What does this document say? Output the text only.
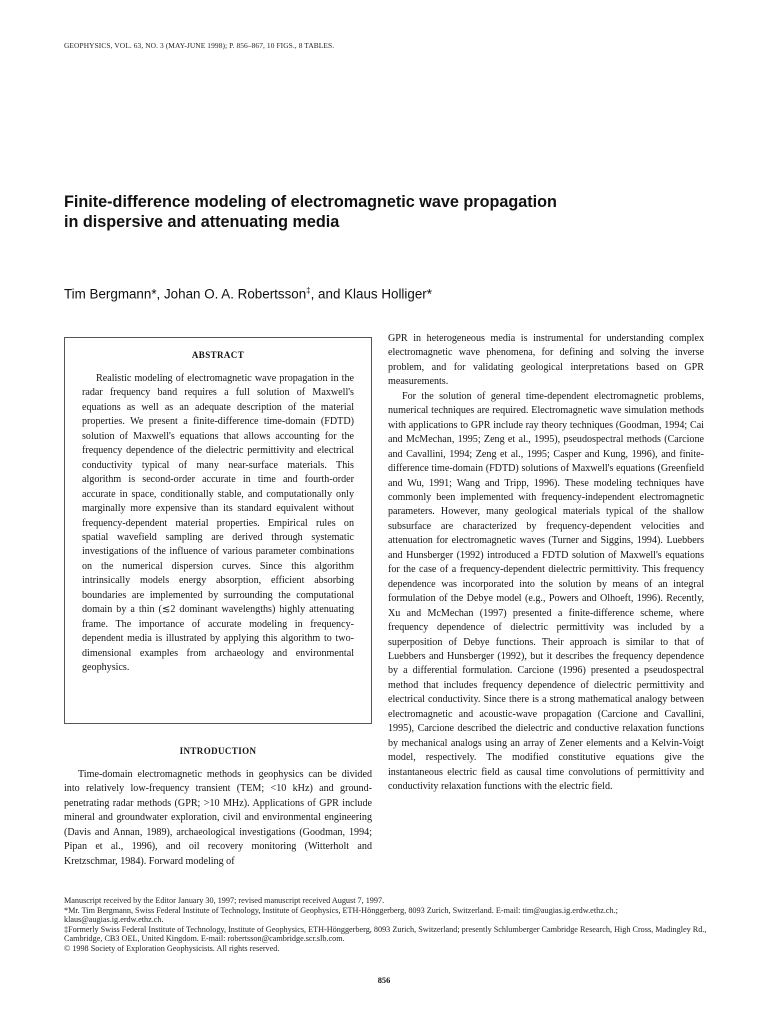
GEOPHYSICS, VOL. 63, NO. 3 (MAY-JUNE 1998); P. 856–867, 10 FIGS., 8 TABLES.
Finite-difference modeling of electromagnetic wave propagation
in dispersive and attenuating media
Tim Bergmann*, Johan O. A. Robertsson‡, and Klaus Holliger*
ABSTRACT

Realistic modeling of electromagnetic wave propagation in the radar frequency band requires a full solution of Maxwell's equations as well as an adequate description of the material properties. We present a finite-difference time-domain (FDTD) solution of Maxwell's equations that allows accounting for the frequency dependence of the dielectric permittivity and electrical conductivity typical of many near-surface materials. This algorithm is second-order accurate in time and fourth-order accurate in space, conditionally stable, and computationally only marginally more expensive than its standard equivalent without frequency-dependent material properties. Empirical rules on spatial wavefield sampling are derived through systematic investigations of the influence of various parameter combinations on the numerical dispersion curves. Since this algorithm intrinsically models energy absorption, efficient absorbing boundaries are implemented by surrounding the computational domain by a thin (≲2 dominant wavelengths) highly attenuating frame. The importance of accurate modeling in frequency-dependent media is illustrated by applying this algorithm to two-dimensional examples from archaeology and environmental geophysics.

INTRODUCTION

Time-domain electromagnetic methods in geophysics can be divided into relatively low-frequency transient (TEM; <10 kHz) and ground-penetrating radar methods (GPR; >10 MHz). Applications of GPR include mineral and groundwater exploration, civil and environmental engineering (Davis and Annan, 1989), archaeological investigations (Goodman, 1994; Pipan et al., 1996), and oil recovery monitoring (Witterholt and Kretzschmar, 1984). Forward modeling of

GPR in heterogeneous media is instrumental for understanding complex electromagnetic wave phenomena, for defining and solving the inverse problem, and for validating geological interpretations based on GPR measurements.

For the solution of general time-dependent electromagnetic problems, numerical techniques are required. Electromagnetic wave simulation methods with applications to GPR include ray theory techniques (Goodman, 1994; Cai and McMechan, 1995; Zeng et al., 1995), pseudospectral methods (Carcione and Cavallini, 1994; Zeng et al., 1995; Casper and Kung, 1996), and finite-difference time-domain (FDTD) solutions of Maxwell's equations (Greenfield and Wu, 1991; Wang and Tripp, 1996). These modeling techniques have commonly been implemented with frequency-independent electromagnetic parameters. However, many geological materials typical of the shallow subsurface are characterized by frequency-dependent velocities and attenuation for electromagnetic waves (Turner and Siggins, 1994). Luebbers and Hunsberger (1992) introduced a FDTD solution of Maxwell's equations for the case of a frequency-dependent dielectric permittivity. This frequency dependence was incorporated into the solution by means of an integral formulation of the Debye model (e.g., Powers and Olhoeft, 1996). Recently, Xu and McMechan (1997) presented a finite-difference scheme, where frequency dependence of dielectric permittivity was included by a superposition of Debye functions. Their approach is similar to that of Luebbers and Hunsberger (1992), but it describes the frequency dependence by a differential formulation. Carcione (1996) presented a pseudospectral method that includes frequency dependence of dielectric permittivity and electrical conductivity. Since there is a strong mathematical analogy between electromagnetic and acoustic-wave propagation (Carcione and Cavallini, 1995), Carcione described the dielectric and conductive relaxation functions by mechanical analogs using an array of Zener elements and a Kelvin-Voigt model, respectively. The modified constitutive equations give the instantaneous electric field as causal time convolutions of permittivity and conductivity relaxation functions with the electric field.

Manuscript received by the Editor January 30, 1997; revised manuscript received August 7, 1997.
*Mr. Tim Bergmann, Swiss Federal Institute of Technology, Institute of Geophysics, ETH-Hönggerberg, 8093 Zurich, Switzerland. E-mail: tim@augias.ig.erdw.ethz.ch.; klaus@augias.ig.erdw.ethz.ch.
‡Formerly Swiss Federal Institute of Technology, Institute of Geophysics, ETH-Hönggerberg, 8093 Zurich, Switzerland; presently Schlumberger Cambridge Research, High Cross, Madingley Rd., Cambridge, CB3 OEL, United Kingdom. E-mail: robertsson@cambridge.scr.slb.com.
© 1998 Society of Exploration Geophysicists. All rights reserved.
856
